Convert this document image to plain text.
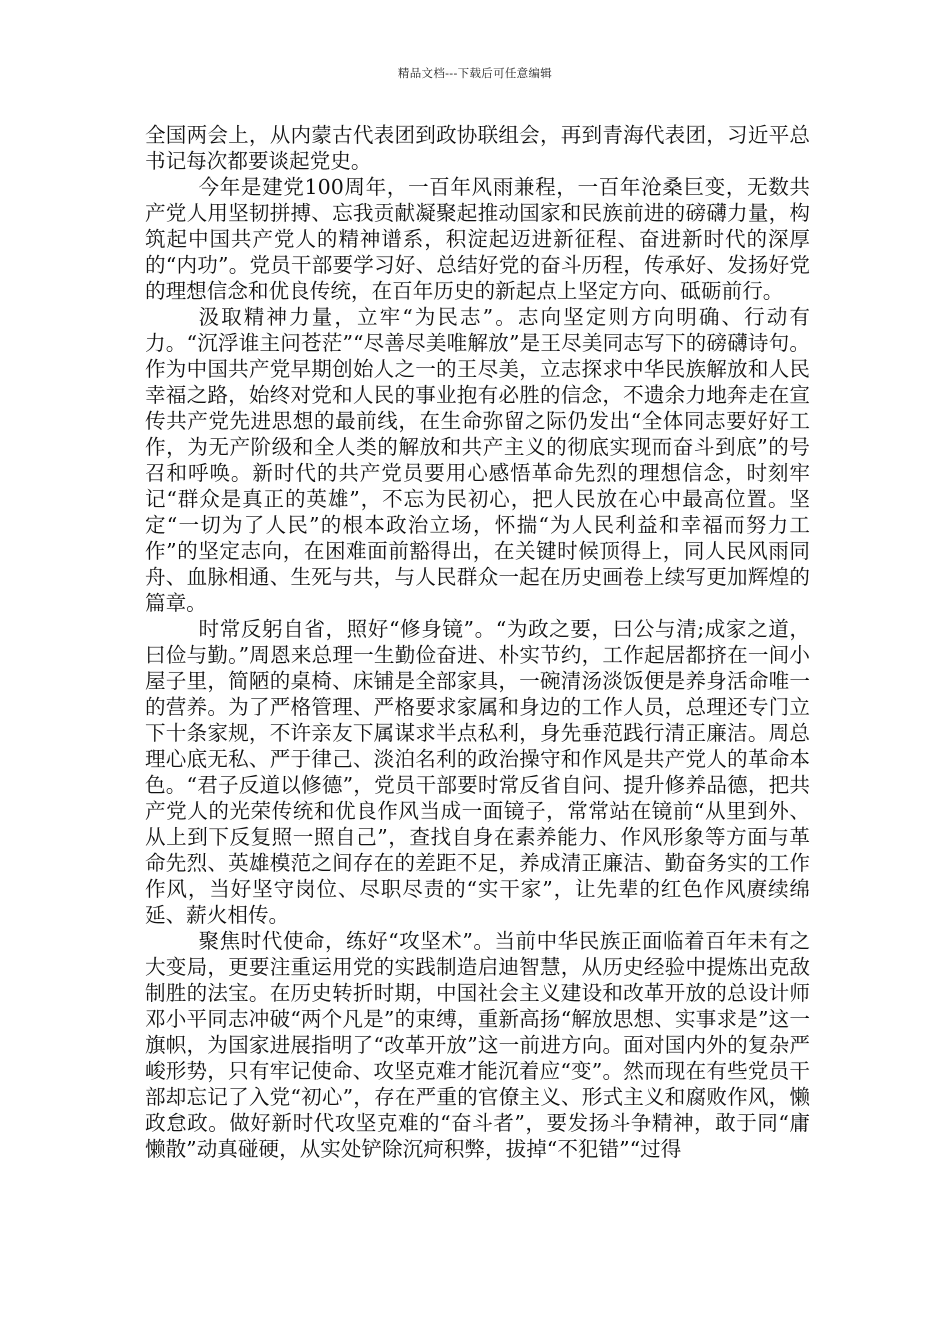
精品文档---下载后可任意编辑

全国两会上，从内蒙古代表团到政协联组会，再到青海代表团，习近平总书记每次都要谈起党史。

今年是建党100周年，一百年风雨兼程，一百年沧桑巨变，无数共产党人用坚韧拼搏、忘我贡献凝聚起推动国家和民族前进的磅礴力量，构筑起中国共产党人的精神谱系，积淀起迈进新征程、奋进新时代的深厚的“内功”。党员干部要学习好、总结好党的奋斗历程，传承好、发扬好党的理想信念和优良传统，在百年历史的新起点上坚定方向、砥砺前行。

汲取精神力量，立牢“为民志”。志向坚定则方向明确、行动有力。“沉浮谁主问苍茫”“尽善尽美唯解放”是王尽美同志写下的磅礴诗句。作为中国共产党早期创始人之一的王尽美，立志探求中华民族解放和人民幸福之路，始终对党和人民的事业抱有必胜的信念，不遗余力地奔走在宣传共产党先进思想的最前线，在生命弥留之际仍发出“全体同志要好好工作，为无产阶级和全人类的解放和共产主义的彻底实现而奋斗到底”的号召和呼唤。新时代的共产党员要用心感悟革命先烈的理想信念，时刻牢记“群众是真正的英雄”，不忘为民初心，把人民放在心中最高位置。坚定“一切为了人民”的根本政治立场，怀揣“为人民利益和幸福而努力工作”的坚定志向，在困难面前豁得出，在关键时候顶得上，同人民风雨同舟、血脉相通、生死与共，与人民群众一起在历史画卷上续写更加辉煌的篇章。

时常反躬自省，照好“修身镜”。“为政之要，曰公与清;成家之道，曰俭与勤。”周恩来总理一生勤俭奋进、朴实节约，工作起居都挤在一间小屋子里，简陋的桌椅、床铺是全部家具，一碗清汤淡饭便是养身活命唯一的营养。为了严格管理、严格要求家属和身边的工作人员，总理还专门立下十条家规，不许亲友下属谋求半点私利，身先垂范践行清正廉洁。周总理心底无私、严于律己、淡泊名利的政治操守和作风是共产党人的革命本色。“君子反道以修德”，党员干部要时常反省自问、提升修养品德，把共产党人的光荣传统和优良作风当成一面镜子，常常站在镜前“从里到外、从上到下反复照一照自己”，查找自身在素养能力、作风形象等方面与革命先烈、英雄模范之间存在的差距不足，养成清正廉洁、勤奋务实的工作作风，当好坚守岗位、尽职尽责的“实干家”，让先辈的红色作风赓续绵延、薪火相传。

聚焦时代使命，练好“攻坚术”。当前中华民族正面临着百年未有之大变局，更要注重运用党的实践制造启迪智慧，从历史经验中提炼出克敌制胜的法宝。在历史转折时期，中国社会主义建设和改革开放的总设计师邓小平同志冲破“两个凡是”的束缚，重新高扬“解放思想、实事求是”这一旗帜，为国家进展指明了“改革开放”这一前进方向。面对国内外的复杂严峻形势，只有牢记使命、攻坚克难才能沉着应“变”。然而现在有些党员干部却忘记了入党“初心”，存在严重的官僚主义、形式主义和腐败作风，懒政怠政。做好新时代攻坚克难的“奋斗者”，要发扬斗争精神，敢于同“庸懒散”动真碰硬，从实处铲除沉疴积弊，拔掉“不犯错”“过得
